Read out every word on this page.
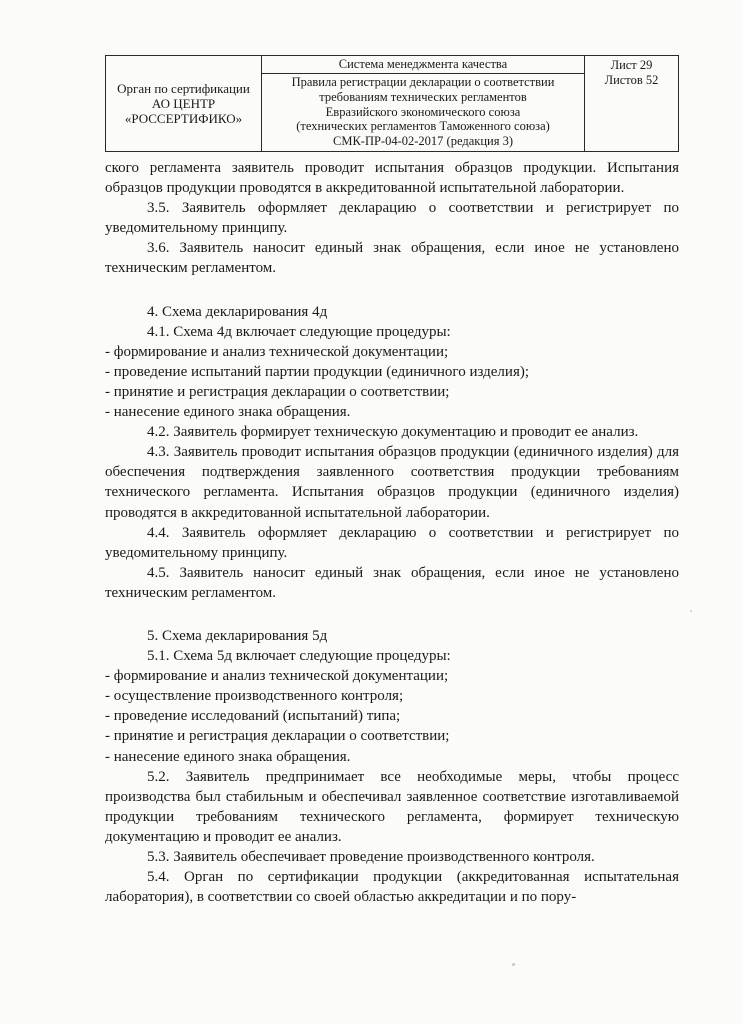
Орган по сертификации
АО ЦЕНТР
«РОССЕРТИФИКО»
Система менеджмента качества
Правила регистрации декларации о соответствии
требованиям технических регламентов
Евразийского экономического союза
(технических регламентов Таможенного союза)
СМК-ПР-04-02-2017 (редакция 3)
Лист 29
Листов 52
ского регламента заявитель проводит испытания образцов продукции. Испытания образцов продукции проводятся в аккредитованной испытательной лаборатории.
3.5. Заявитель оформляет декларацию о соответствии и регистрирует по уведомительному принципу.
3.6. Заявитель наносит единый знак обращения, если иное не установлено техническим регламентом.
4. Схема декларирования 4д
4.1. Схема 4д включает следующие процедуры:
- формирование и анализ технической документации;
- проведение испытаний партии продукции (единичного изделия);
- принятие и регистрация декларации о соответствии;
- нанесение единого знака обращения.
4.2. Заявитель формирует техническую документацию и проводит ее анализ.
4.3. Заявитель проводит испытания образцов продукции (единичного изделия) для обеспечения подтверждения заявленного соответствия продукции требованиям технического регламента. Испытания образцов продукции (единичного изделия) проводятся в аккредитованной испытательной лаборатории.
4.4. Заявитель оформляет декларацию о соответствии и регистрирует по уведомительному принципу.
4.5. Заявитель наносит единый знак обращения, если иное не установлено техническим регламентом.
5. Схема декларирования 5д
5.1. Схема 5д включает следующие процедуры:
- формирование и анализ технической документации;
- осуществление производственного контроля;
- проведение исследований (испытаний) типа;
- принятие и регистрация декларации о соответствии;
- нанесение единого знака обращения.
5.2. Заявитель предпринимает все необходимые меры, чтобы процесс производства был стабильным и обеспечивал заявленное соответствие изготавливаемой продукции требованиям технического регламента, формирует техническую документацию и проводит ее анализ.
5.3. Заявитель обеспечивает проведение производственного контроля.
5.4. Орган по сертификации продукции (аккредитованная испытательная лаборатория), в соответствии со своей областью аккредитации и по пору-
